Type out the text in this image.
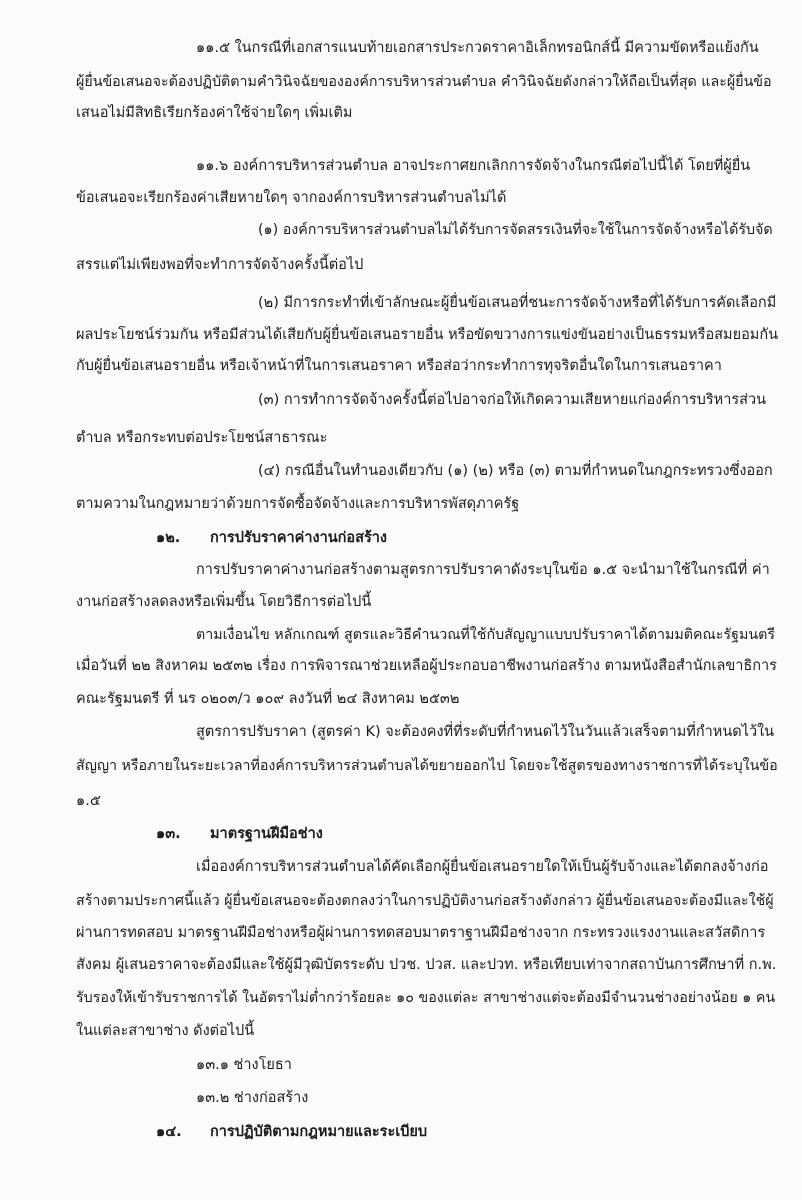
๑๑.๕ ในกรณีที่เอกสารแนบท้ายเอกสารประกวดราคาอิเล็กทรอนิกส์นี้ มีความขัดหรือแย้งกัน
ผู้ยื่นข้อเสนอจะต้องปฏิบัติตามคำวินิจฉัยขององค์การบริหารส่วนตำบล คำวินิจฉัยดังกล่าวให้ถือเป็นที่สุด และผู้ยื่นข้อ
เสนอไม่มีสิทธิเรียกร้องค่าใช้จ่ายใดๆ เพิ่มเติม
๑๑.๖ องค์การบริหารส่วนตำบล อาจประกาศยกเลิกการจัดจ้างในกรณีต่อไปนี้ได้ โดยที่ผู้ยื่น
ข้อเสนอจะเรียกร้องค่าเสียหายใดๆ จากองค์การบริหารส่วนตำบลไม่ได้
(๑) องค์การบริหารส่วนตำบลไม่ได้รับการจัดสรรเงินที่จะใช้ในการจัดจ้างหรือได้รับจัด
สรรแต่ไม่เพียงพอที่จะทำการจัดจ้างครั้งนี้ต่อไป
(๒) มีการกระทำที่เข้าลักษณะผู้ยื่นข้อเสนอที่ชนะการจัดจ้างหรือที่ได้รับการคัดเลือกมี
ผลประโยชน์ร่วมกัน หรือมีส่วนได้เสียกับผู้ยื่นข้อเสนอรายอื่น หรือขัดขวางการแข่งขันอย่างเป็นธรรมหรือสมยอมกัน
กับผู้ยื่นข้อเสนอรายอื่น หรือเจ้าหน้าที่ในการเสนอราคา หรือส่อว่ากระทำการทุจริตอื่นใดในการเสนอราคา
(๓) การทำการจัดจ้างครั้งนี้ต่อไปอาจก่อให้เกิดความเสียหายแก่องค์การบริหารส่วน
ตำบล หรือกระทบต่อประโยชน์สาธารณะ
(๔) กรณีอื่นในทำนองเดียวกับ (๑) (๒) หรือ (๓) ตามที่กำหนดในกฎกระทรวงซึ่งออก
ตามความในกฎหมายว่าด้วยการจัดซื้อจัดจ้างและการบริหารพัสดุภาครัฐ
๑๒. การปรับราคาค่างานก่อสร้าง
การปรับราคาค่างานก่อสร้างตามสูตรการปรับราคาดังระบุในข้อ ๑.๕ จะนำมาใช้ในกรณีที่ ค่า
งานก่อสร้างลดลงหรือเพิ่มขึ้น โดยวิธีการต่อไปนี้
ตามเงื่อนไข หลักเกณฑ์ สูตรและวิธีคำนวณที่ใช้กับสัญญาแบบปรับราคาได้ตามมติคณะรัฐมนตรี
เมื่อวันที่ ๒๒ สิงหาคม ๒๕๓๒ เรื่อง การพิจารณาช่วยเหลือผู้ประกอบอาชีพงานก่อสร้าง ตามหนังสือสำนักเลขาธิการ
คณะรัฐมนตรี ที่ นร ๐๒๐๓/ว ๑๐๙ ลงวันที่ ๒๔ สิงหาคม ๒๕๓๒
สูตรการปรับราคา (สูตรค่า K) จะต้องคงที่ที่ระดับที่กำหนดไว้ในวันแล้วเสร็จตามที่กำหนดไว้ใน
สัญญา หรือภายในระยะเวลาที่องค์การบริหารส่วนตำบลได้ขยายออกไป โดยจะใช้สูตรของทางราชการที่ได้ระบุในข้อ
๑.๕
๑๓. มาตรฐานฝีมือช่าง
เมื่อองค์การบริหารส่วนตำบลได้คัดเลือกผู้ยื่นข้อเสนอรายใดให้เป็นผู้รับจ้างและได้ตกลงจ้างก่อ
สร้างตามประกาศนี้แล้ว ผู้ยื่นข้อเสนอจะต้องตกลงว่าในการปฏิบัติงานก่อสร้างดังกล่าว ผู้ยื่นข้อเสนอจะต้องมีและใช้ผู้
ผ่านการทดสอบ มาตรฐานฝีมือช่างหรือผู้ผ่านการทดสอบมาตราฐานฝีมือช่างจาก กระทรวงแรงงานและสวัสดิการ
สังคม ผู้เสนอราคาจะต้องมีและใช้ผู้มีวุฒิบัตรระดับ ปวช. ปวส. และปวท. หรือเทียบเท่าจากสถาบันการศึกษาที่ ก.พ.
รับรองให้เข้ารับราชการได้ ในอัตราไม่ต่ำกว่าร้อยละ ๑๐ ของแต่ละ สาขาช่างแต่จะต้องมีจำนวนช่างอย่างน้อย ๑ คน
ในแต่ละสาขาช่าง ดังต่อไปนี้
๑๓.๑ ช่างโยธา
๑๓.๒ ช่างก่อสร้าง
๑๔. การปฏิบัติตามกฎหมายและระเบียบ
